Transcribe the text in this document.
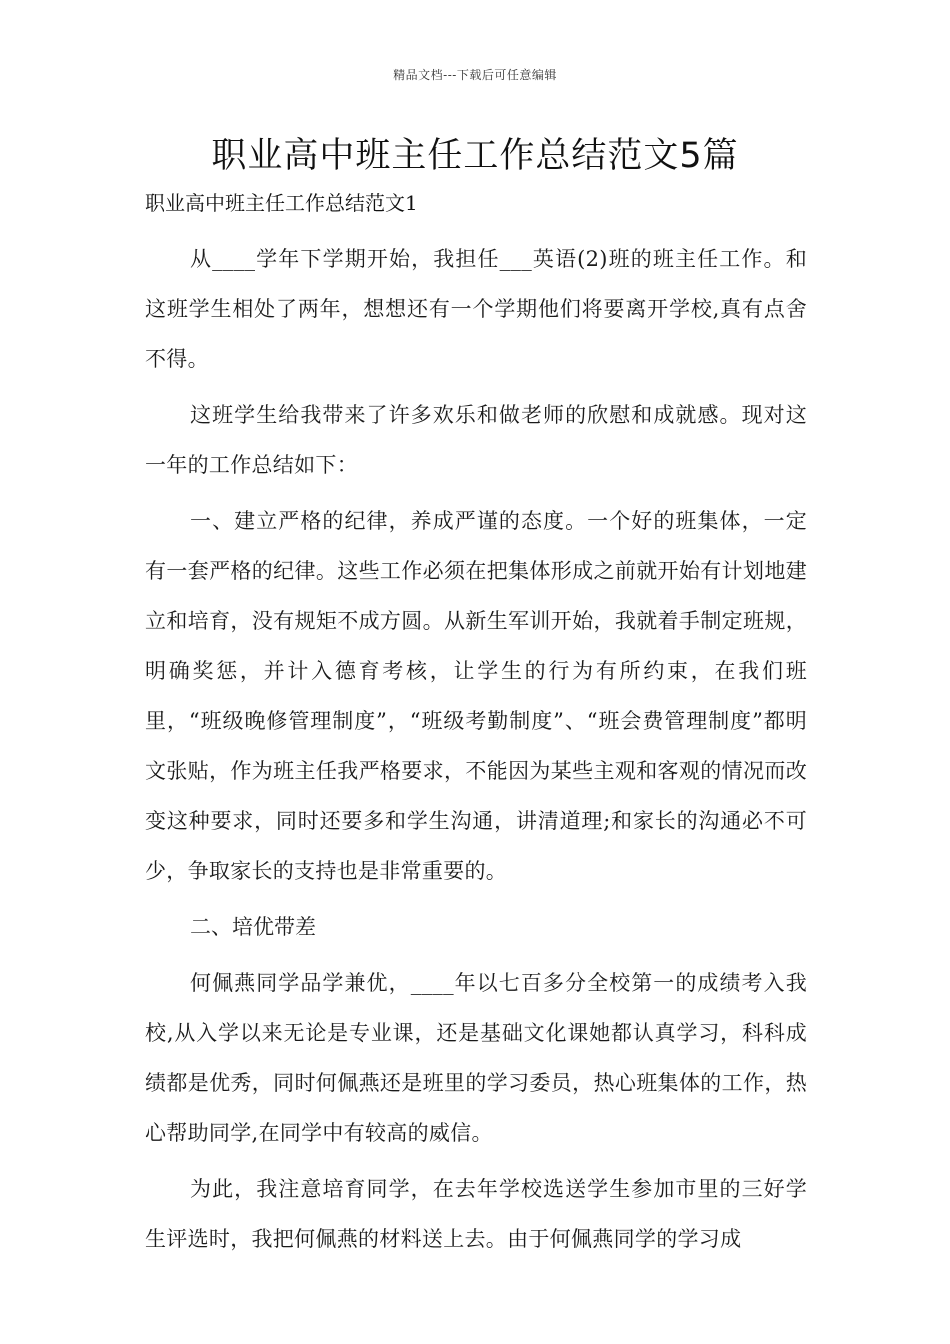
精品文档---下载后可任意编辑
职业高中班主任工作总结范文5篇
职业高中班主任工作总结范文1

从____学年下学期开始，我担任___英语(2)班的班主任工作。和这班学生相处了两年，想想还有一个学期他们将要离开学校,真有点舍不得。

这班学生给我带来了许多欢乐和做老师的欣慰和成就感。现对这一年的工作总结如下：

一、建立严格的纪律，养成严谨的态度。一个好的班集体，一定有一套严格的纪律。这些工作必须在把集体形成之前就开始有计划地建立和培育，没有规矩不成方圆。从新生军训开始，我就着手制定班规，明确奖惩，并计入德育考核，让学生的行为有所约束，在我们班里，“班级晚修管理制度”，“班级考勤制度”、“班会费管理制度”都明文张贴，作为班主任我严格要求，不能因为某些主观和客观的情况而改变这种要求，同时还要多和学生沟通，讲清道理;和家长的沟通必不可少，争取家长的支持也是非常重要的。

二、培优带差

何佩燕同学品学兼优，____年以七百多分全校第一的成绩考入我校,从入学以来无论是专业课，还是基础文化课她都认真学习，科科成绩都是优秀，同时何佩燕还是班里的学习委员，热心班集体的工作，热心帮助同学,在同学中有较高的威信。

为此，我注意培育同学，在去年学校选送学生参加市里的三好学生评选时，我把何佩燕的材料送上去。由于何佩燕同学的学习成
